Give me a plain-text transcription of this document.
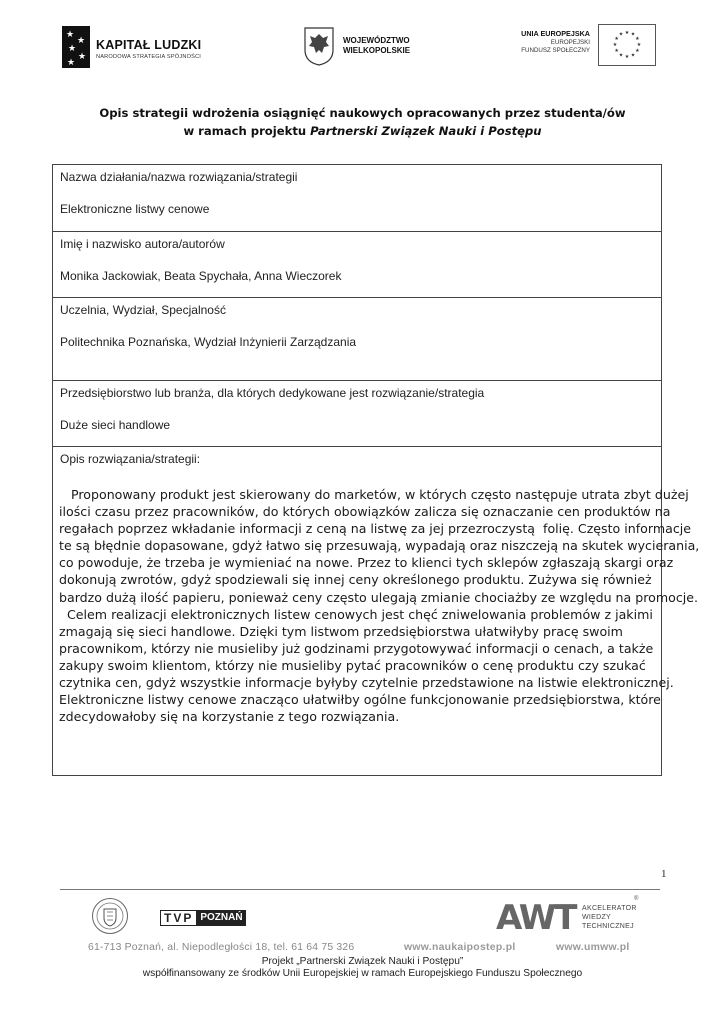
★
★
★
★
★
KAPITAŁ LUDZKI
NARODOWA STRATEGIA SPÓJNOŚCI
WOJEWÓDZTWO
WIELKOPOLSKIE
UNIA EUROPEJSKA
EUROPEJSKI
FUNDUSZ SPOŁECZNY
★ ★
★
★
★
★
★
★
★
★
★
★
Opis strategii wdrożenia osiągnięć naukowych opracowanych przez studenta/ów
w ramach projektu Partnerski Związek Nauki i Postępu
Nazwa działania/nazwa rozwiązania/strategii
Elektroniczne listwy cenowe
Imię i nazwisko autora/autorów
Monika Jackowiak, Beata Spychała, Anna Wieczorek
Uczelnia, Wydział, Specjalność
Politechnika Poznańska, Wydział Inżynierii Zarządzania
Przedsiębiorstwo lub branża, dla których dedykowane jest rozwiązanie/strategia
Duże sieci handlowe
Opis rozwiązania/strategii:
Proponowany produkt jest skierowany do marketów, w których często następuje utrata zbyt dużej
ilości czasu przez pracowników, do których obowiązków zalicza się oznaczanie cen produktów na
regałach poprzez wkładanie informacji z ceną na listwę za jej przezroczystą  folię. Często informacje
te są błędnie dopasowane, gdyż łatwo się przesuwają, wypadają oraz niszczeją na skutek wycierania,
co powoduje, że trzeba je wymieniać na nowe. Przez to klienci tych sklepów zgłaszają skargi oraz
dokonują zwrotów, gdyż spodziewali się innej ceny określonego produktu. Zużywa się również
bardzo dużą ilość papieru, ponieważ ceny często ulegają zmianie chociażby ze względu na promocje.
Celem realizacji elektronicznych listew cenowych jest chęć zniwelowania problemów z jakimi
zmagają się sieci handlowe. Dzięki tym listwom przedsiębiorstwa ułatwiłyby pracę swoim
pracownikom, którzy nie musieliby już godzinami przygotowywać informacji o cenach, a także
zakupy swoim klientom, którzy nie musieliby pytać pracowników o cenę produktu czy szukać
czytnika cen, gdyż wszystkie informacje byłyby czytelnie przedstawione na listwie elektronicznej.
Elektroniczne listwy cenowe znacząco ułatwiłby ogólne funkcjonowanie przedsiębiorstwa, które
zdecydowałoby się na korzystanie z tego rozwiązania.
1
TVP POZNAŃ	AWT AKCELERATOR
WIEDZY
TECHNICZNEJ
®
61-713 Poznań, al. Niepodległości 18, tel. 61 64 75 326	www.naukaipostep.pl	www.umww.pl
Projekt „Partnerski Związek Nauki i Postępu”
współfinansowany ze środków Unii Europejskiej w ramach Europejskiego Funduszu Społecznego
